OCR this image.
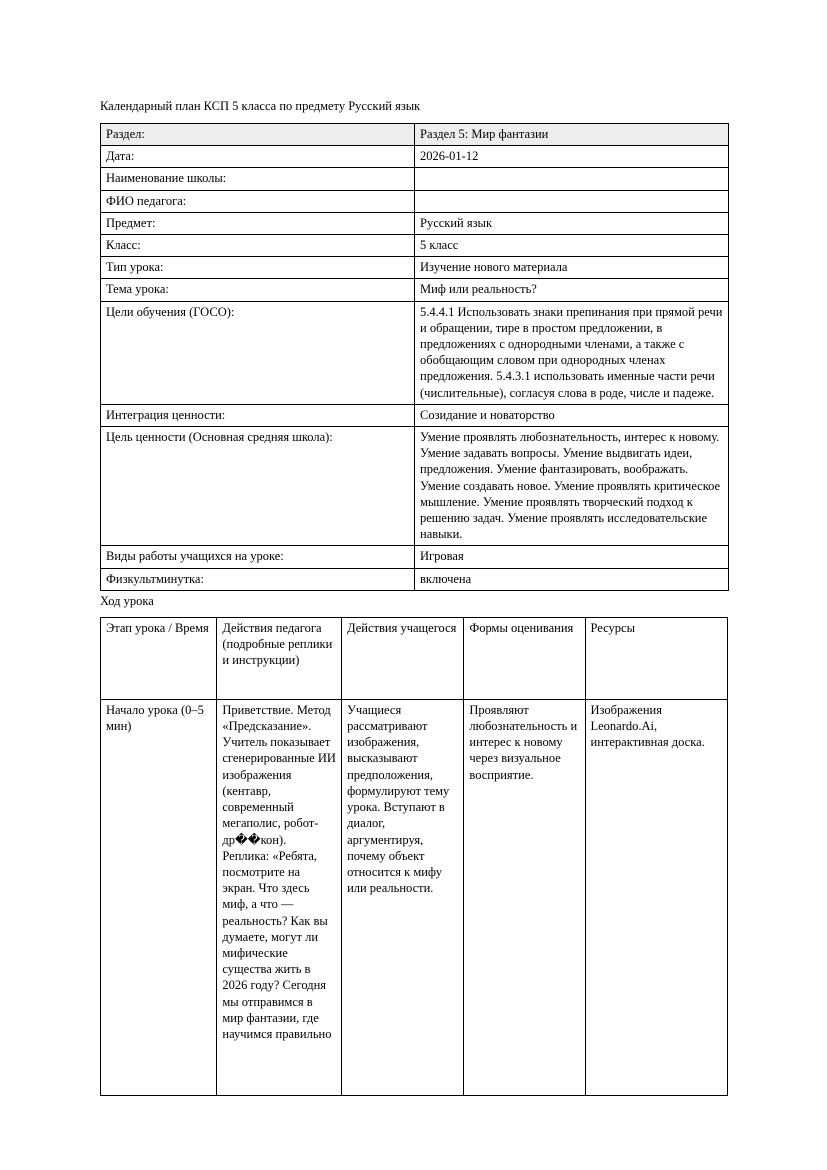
Календарный план КСП 5 класса по предмету Русский язык

Раздел:	Раздел 5: Мир фантазии
Дата:	2026-01-12
Наименование школы:	
ФИО педагога:	
Предмет:	Русский язык
Класс:	5 класс
Тип урока:	Изучение нового материала
Тема урока:	Миф или реальность?
Цели обучения (ГОСО):	5.4.4.1 Использовать знаки препинания при прямой речи и обращении, тире в простом предложении, в предложениях с однородными членами, а также с обобщающим словом при однородных членах предложения. 5.4.3.1 использовать именные части речи (числительные), согласуя слова в роде, числе и падеже.
Интеграция ценности:	Созидание и новаторство
Цель ценности (Основная средняя школа):	Умение проявлять любознательность, интерес к новому. Умение задавать вопросы. Умение выдвигать идеи, предложения. Умение фантазировать, воображать. Умение создавать новое. Умение проявлять критическое мышление. Умение проявлять творческий подход к решению задач. Умение проявлять исследовательские навыки.
Виды работы учащихся на уроке:	Игровая
Физкультминутка:	включена

Ход урока

Этап урока / Время	Действия педагога (подробные реплики и инструкции)	Действия учащегося	Формы оценивания	Ресурсы

Начало урока (0–5 мин)	Приветствие. Метод «Предсказание». Учитель показывает сгенерированные ИИ изображения (кентавр, современный мегаполис, робот-др��кон). Реплика: «Ребята, посмотрите на экран. Что здесь миф, а что — реальность? Как вы думаете, могут ли мифические существа жить в 2026 году? Сегодня мы отправимся в мир фантазии, где научимся правильно	Учащиеся рассматривают изображения, высказывают предположения, формулируют тему урока. Вступают в диалог, аргументируя, почему объект относится к мифу или реальности.	Проявляют любознательность и интерес к новому через визуальное восприятие.	Изображения Leonardo.Ai, интерактивная доска.
